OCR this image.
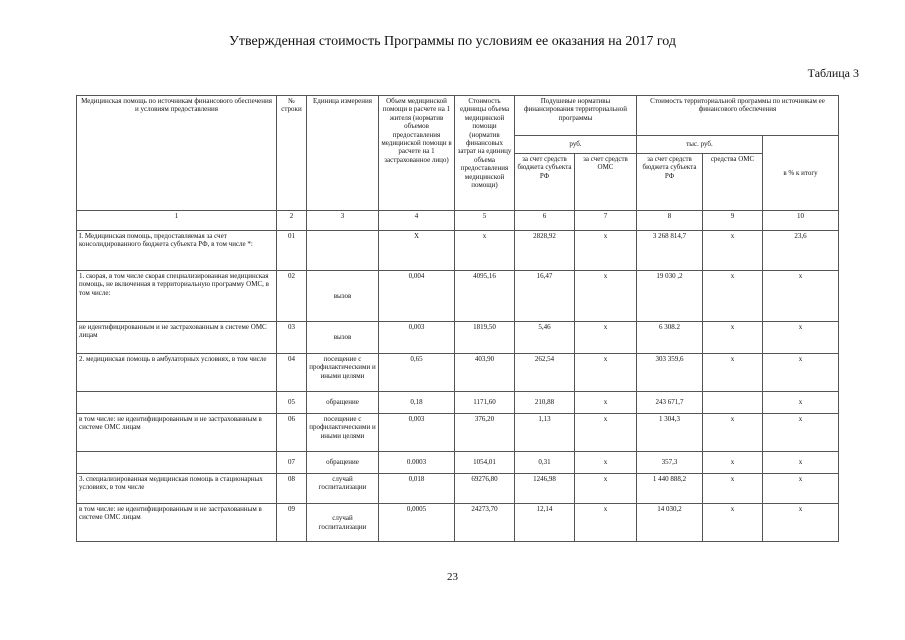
Утвержденная стоимость Программы по условиям ее оказания на 2017 год
Таблица 3
Медицинская помощь по источникам финансового обеспечения и условиям предоставления	№ строки	Единица измерения	Объем медицинской помощи в расчете на 1 жителя (норматив объемов предоставления медицинской помощи в расчете на 1 застрахованное лицо)	Стоимость единицы объема медицинской помощи (норматив финансовых затрат на единицу объема предоставления медицинской помощи)	Подушевые нормативы финансирования территориальной программы		Стоимость территориальной программы по источникам ее финансового обеспечения		
					руб.		тыс. руб.		в % к итогу
					за счет средств бюджета субъекта РФ	за счет средств ОМС	за счет средств бюджета субъекта РФ	средства ОМС	
1	2	3	4	5	6	7	8	9	10
I. Медицинская помощь, предоставляемая за счет консолидированного бюджета субъекта РФ, в том числе *:	01		X	x	2828,92	x	3 268 814,7	x	23,6
1. скорая, в том числе скорая специализированная медицинская помощь, не включенная в территориальную программу ОМС, в том числе:	02	вызов	0,004	4095,16	16,47	x	19 030 ,2	x	x
не идентифицированным и не застрахованным в системе ОМС лицам	03	вызов	0,003	1819,50	5,46	x	6 308.2	x	x
2. медицинская помощь в амбулаторных условиях, в том числе	04	посещение с профилактическими и иными целями	0,65	403,90	262,54	x	303 359,6	x	x
	05	обращение	0,18	1171,60	210,88	x	243 671,7		x
в том числе: не идентифицированным и не застрахованным в системе ОМС лицам	06	посещение с профилактическими и иными целями	0,003	376,20	1,13	x	1 304,3	x	x
	07	обращение	0.0003	1054,01	0,31	x	357,3	x	x
3. специализированная медицинская помощь в стационарных условиях, в том числе	08	случай госпитализации	0,018	69276,80	1246,98	x	1 440 888,2	x	x
в том числе: не идентифицированным и не застрахованным в системе ОМС лицам	09	случай госпитализации	0,0005	24273,70	12,14	x	14 030,2	x	x
23
